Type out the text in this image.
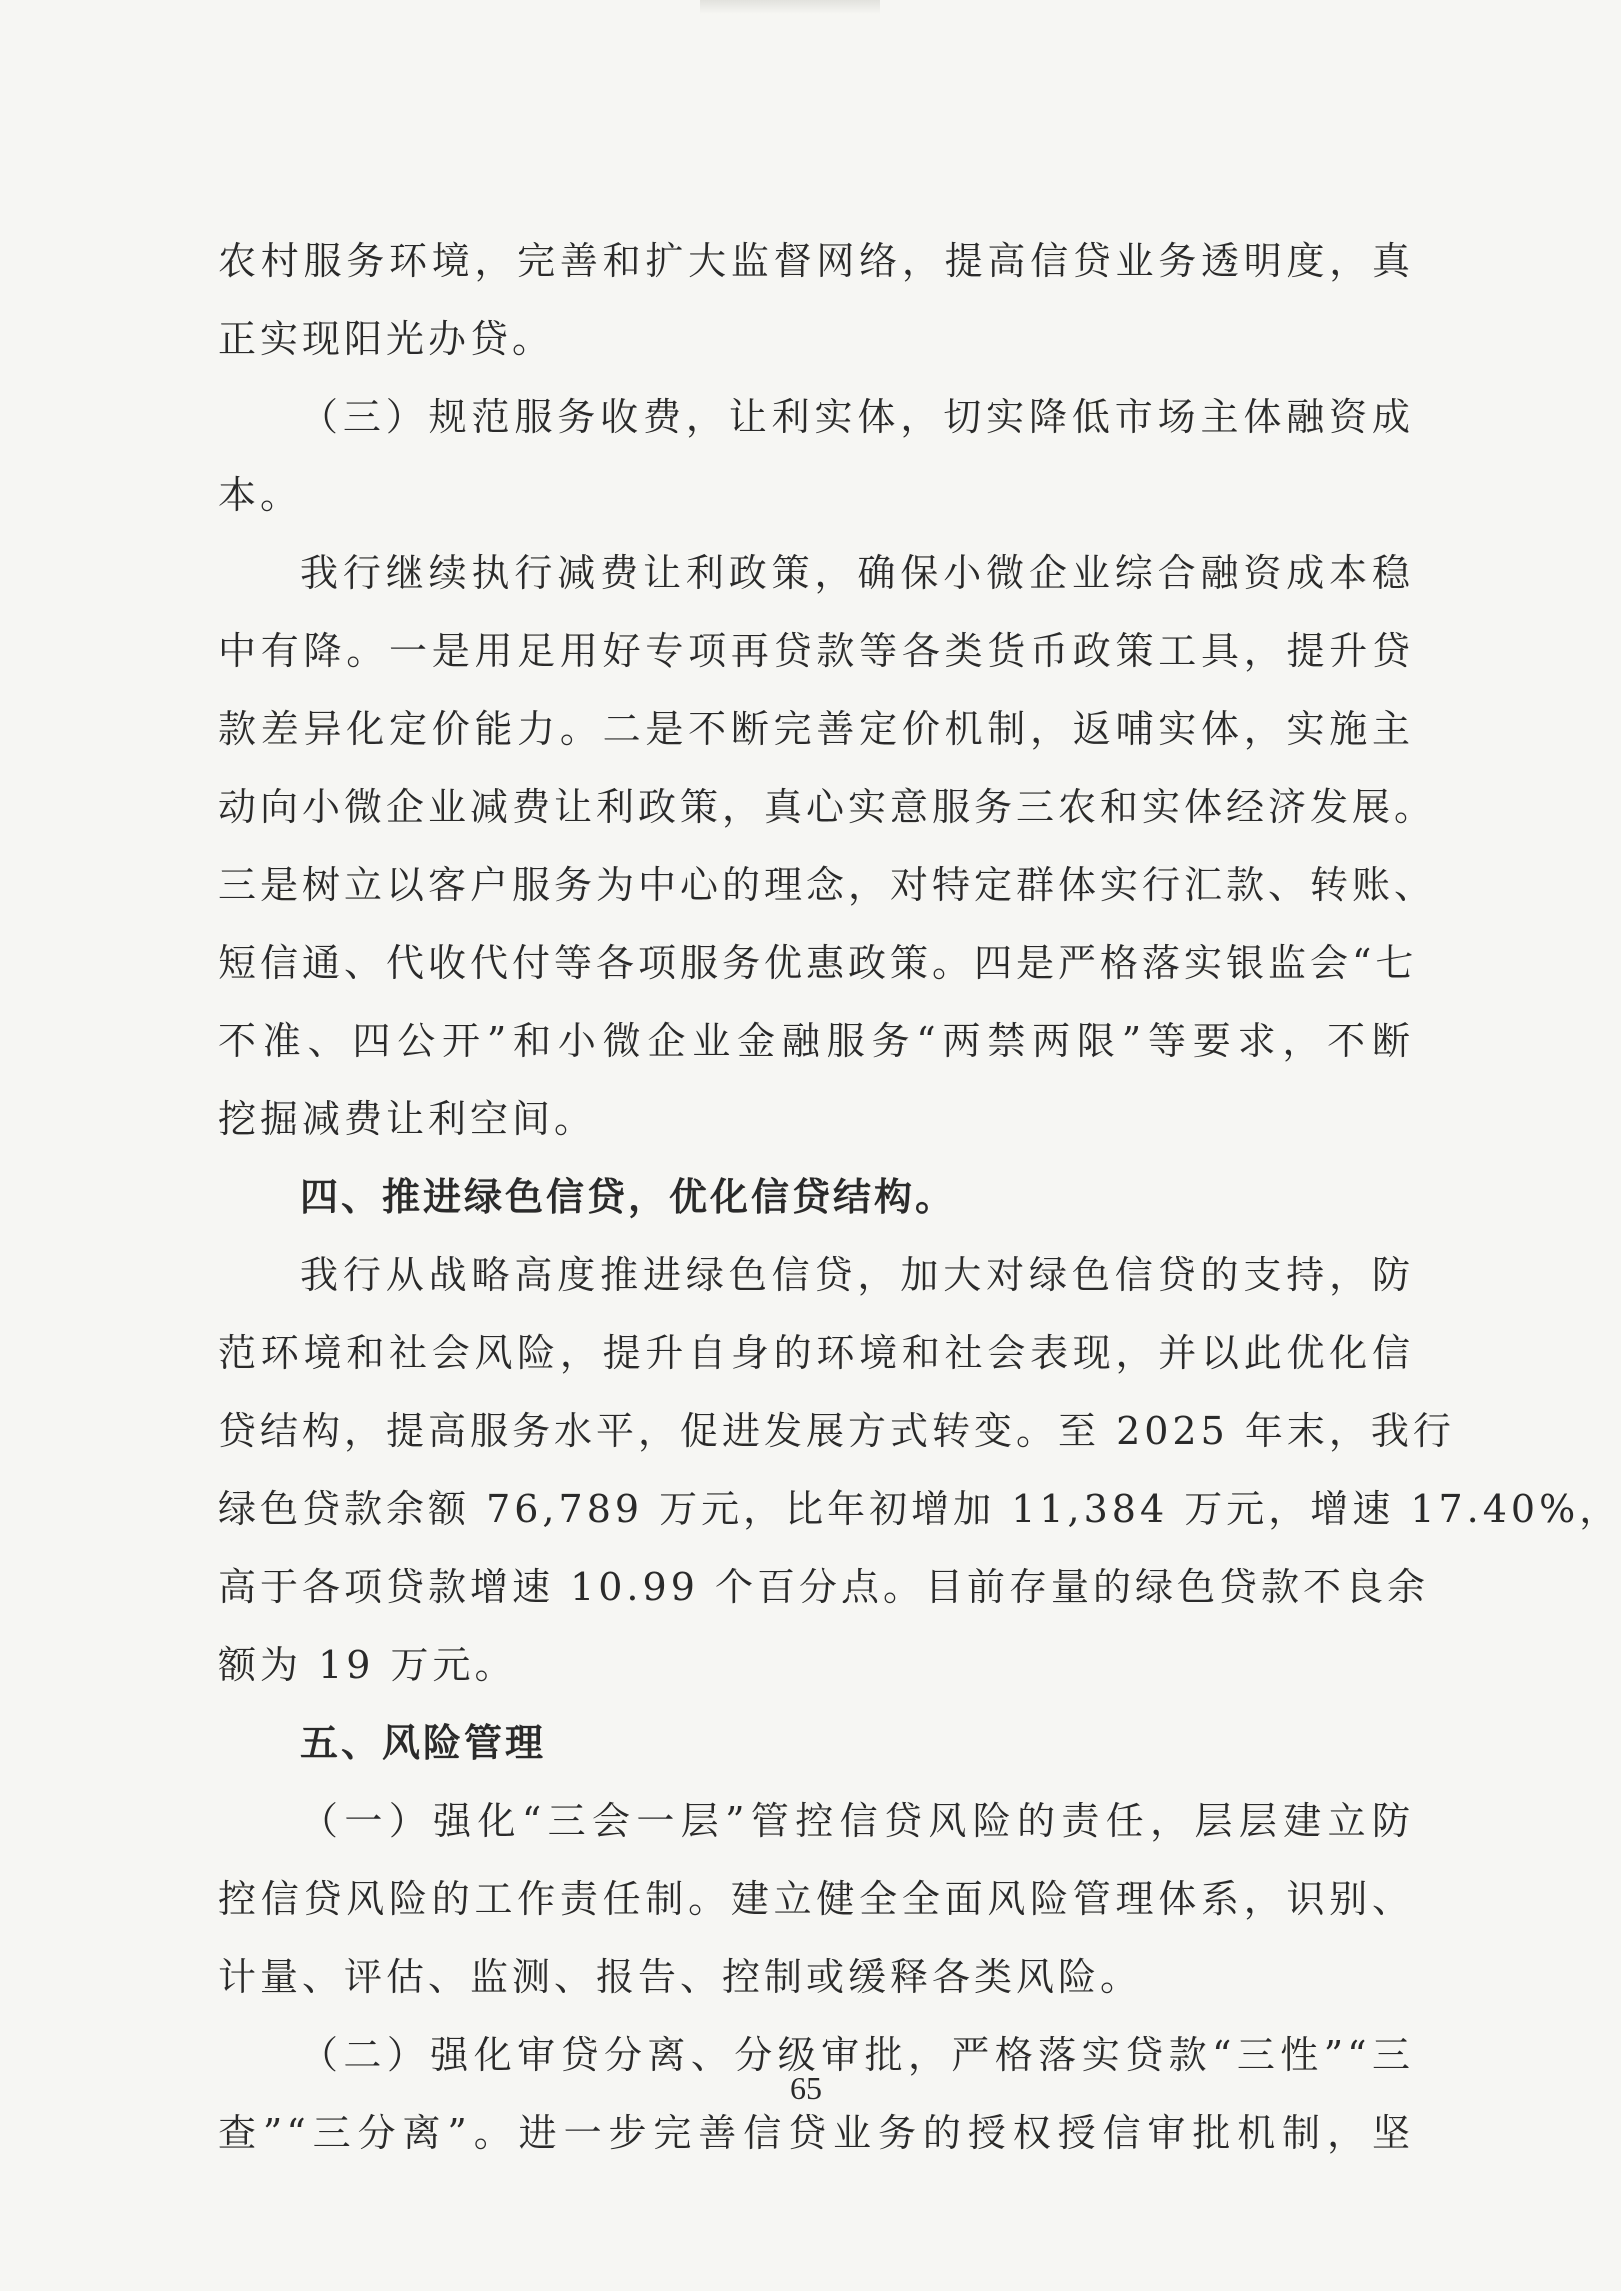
农村服务环境，完善和扩大监督网络，提高信贷业务透明度，真
正实现阳光办贷。
（三）规范服务收费，让利实体，切实降低市场主体融资成
本。
我行继续执行减费让利政策，确保小微企业综合融资成本稳
中有降。一是用足用好专项再贷款等各类货币政策工具，提升贷
款差异化定价能力。二是不断完善定价机制，返哺实体，实施主
动向小微企业减费让利政策，真心实意服务三农和实体经济发展。
三是树立以客户服务为中心的理念，对特定群体实行汇款、转账、
短信通、代收代付等各项服务优惠政策。四是严格落实银监会“七
不准、四公开”和小微企业金融服务“两禁两限”等要求，不断
挖掘减费让利空间。
四、推进绿色信贷，优化信贷结构。
我行从战略高度推进绿色信贷，加大对绿色信贷的支持，防
范环境和社会风险，提升自身的环境和社会表现，并以此优化信
贷结构，提高服务水平，促进发展方式转变。至 2025 年末，我行
绿色贷款余额 76,789 万元，比年初增加 11,384 万元，增速 17.40%，
高于各项贷款增速 10.99 个百分点。目前存量的绿色贷款不良余
额为 19 万元。
五、风险管理
（一）强化“三会一层”管控信贷风险的责任，层层建立防
控信贷风险的工作责任制。建立健全全面风险管理体系，识别、
计量、评估、监测、报告、控制或缓释各类风险。
（二）强化审贷分离、分级审批，严格落实贷款“三性”“三
查”“三分离”。进一步完善信贷业务的授权授信审批机制，坚
65
